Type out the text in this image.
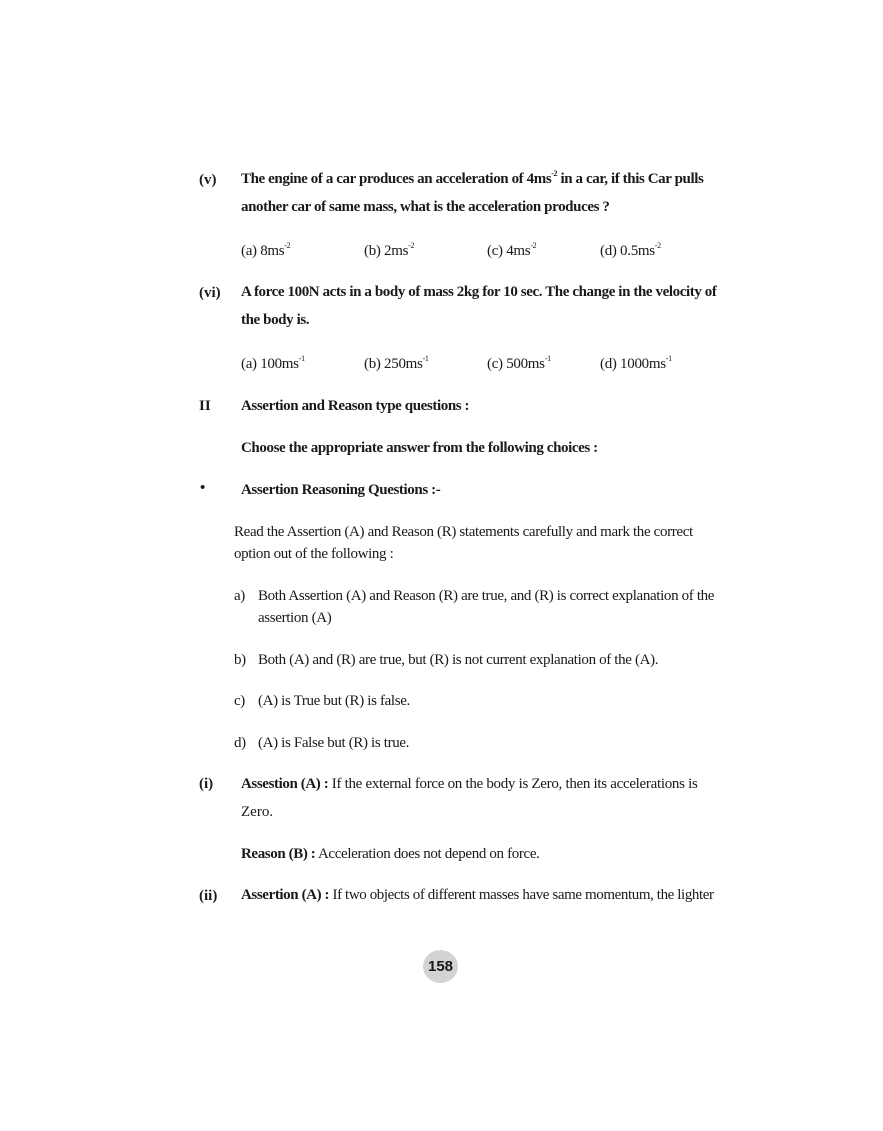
(v) The engine of a car produces an acceleration of $4ms^{-2}$ in a car, if this Car pulls
another car of same mass, what is the acceleration produces ?
(a) $8ms^{-2}$	(b) $2ms^{-2}$	(c) $4ms^{-2}$	(d) $0.5ms^{-2}$
(vi) A force 100N acts in a body of mass 2kg for 10 sec. The change in the velocity of
the body is.
(a) $100ms^{-1}$	(b) $250ms^{-1}$	(c) $500ms^{-1}$	(d) $1000ms^{-1}$
II Assertion and Reason type questions :
Choose the appropriate answer from the following choices :
• Assertion Reasoning Questions :-
Read the Assertion (A) and Reason (R) statements carefully and mark the correct
option out of the following :
a) Both Assertion (A) and Reason (R) are true, and (R) is correct explanation of the
assertion (A)
b) Both (A) and (R) are true, but (R) is not current explanation of the (A).
c) (A) is True but (R) is false.
d) (A) is False but (R) is true.
(i) Assestion (A) : If the external force on the body is Zero, then its accelerations is
Zero.
Reason (B) : Acceleration does not depend on force.
(ii) Assertion (A) : If two objects of different masses have same momentum, the lighter
158
